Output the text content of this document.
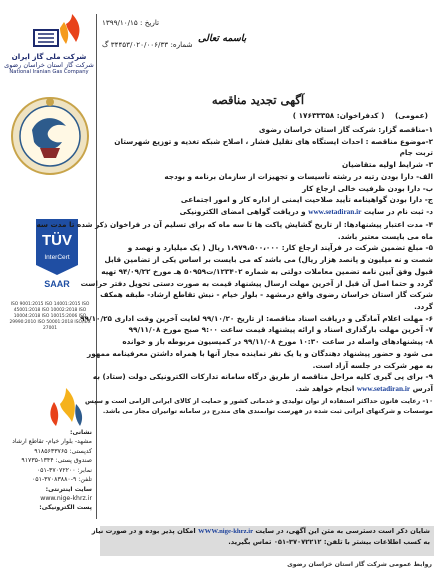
شرکت ملی گاز ایران
شرکت گاز استان خراسان رضوی
National Iranian Gas Company
TÜV
InterCert
SAAR
ISO 9001:2015 ISO 14001:2015 ISO 45001:2018 ISO 10002:2018 ISO 10004:2018 ISO 10015:2006 ISO 29990:2010 ISO 50001:2018 ISO/IEC 27001
نشانی:
مشهد- بلوار خیام- تقاطع ارشاد
کدپستی: ۹۱۸۵۶۳۳۷۶۵
صندوق پستی: ۱۳۴۴-۹۱۷۳۵
نمابر: ۳۷۰۷۲۲۰۰-۰۵۱
تلفن: ۹-۳۷۰۸۳۸۸۰-۰۵۱
سایت اینترنتی:
www.nige-khrz.ir
پست الکترونیکی:
تاریخ : ۱۳۹۹/۱۰/۱۵
شماره: ۳۴۴۵۳/۰۲۰/۰۰۶/۳۳ گ
باسمه تعالی
آگهی تجدید مناقصه
(عمومی) ( کدفراخوان: ۱۷۶۳۳۳۵۸ )
۱-مناقصه گزار: شرکت گاز استان خراسان رضوی
۲-موضوع مناقصه : احداث ایستگاه های تقلیل فشار ، اصلاح شبکه تغذیه و توزیع شهرستان
تربت جام
۳- شرایط اولیه متقاضیان
الف- دارا بودن رتبه در رشته تأسیسات و تجهیزات از سازمان برنامه و بودجه
ب- دارا بودن ظرفیت خالی ارجاع کار
ج- دارا بودن گواهینامه تأیید صلاحیت ایمنی از اداره کار و امور اجتماعی
د- ثبت نام در سایت www.setadiran.ir و دریافت گواهی امضای الکترونیکی
۴- مدت اعتبار پیشنهادها: از تاریخ گشایش پاکت ها تا سه ماه که برای تسلیم آن در فراخوان ذکر شده تا مدت سه
ماه می بایست معتبر باشد.
۵- مبلغ تضمین شرکت در فرآیند ارجاع کار: ۱،۹۷۹،۵۰۰،۰۰۰ ریال ( یک میلیارد و نهصد و
شصت و نه میلیون و پانصد هزار ریال) می باشد که می بایست بر اساس یکی از تضامین قابل
قبول وفق آیین نامه تضمین معاملات دولتی به شماره ۱۲۳۴۰۲/ت۵۰۹۵۹ هـ مورخ ۹۴/۰۹/۲۲ تهیه
گردد و حتما اصل آن قبل از آخرین مهلت ارسال پیشنهاد قیمت به صورت دستی تحویل دفتر حراست
شرکت گاز استان خراسان رضوی واقع درمشهد - بلوار خیام - نبش تقاطع ارشاد- طبقه همکف
گردد.
۶- مهلت اعلام آمادگی و دریافت اسناد مناقصه: از تاریخ ۹۹/۱۰/۲۰ لغایت آخرین وقت اداری ۹۹/۱۰/۲۵
۷- آخرین مهلت بارگذاری اسناد و ارائه پیشنهاد قیمت ساعت ۹:۰۰ صبح مورخ ۹۹/۱۱/۰۸
۸- پیشنهادهای واصله در ساعت ۱۰:۳۰ مورخ ۹۹/۱۱/۰۸ در کمیسیون مربوطه باز و خوانده
می شود و حضور پیشنهاد دهندگان و یا یک نفر نماینده مجاز آنها با همراه داشتن معرفینامه ممهور
به مهر شرکت در جلسه آزاد است.
۹- برای پی گیری کلیه مراحل مناقصه از طریق درگاه سامانه تدارکات الکترونیکی دولت (ستاد) به
آدرس www.setadiran.ir انجام خواهد شد.
۱۰- رعایت قانون حداکثر استفاده از توان تولیدی و خدماتی کشور و حمایت از کالای ایرانی الزامی است و سپس
موسسات و شرکتهای ایرانی ثبت شده در فهرست توانمندی های مندرج در سامانه توانیران مجاز می باشد.
شایان ذکر است دسترسی به متن این آگهی، در سایت WWW.nige-khrz.ir امکان پذیر بوده و در صورت نیاز
به کسب اطلاعات بیشتر با تلفن: ۳۷۰۷۲۲۱۲-۰۵۱ تماس بگیرید.
روابط عمومی شرکت گاز استان خراسان رضوی
